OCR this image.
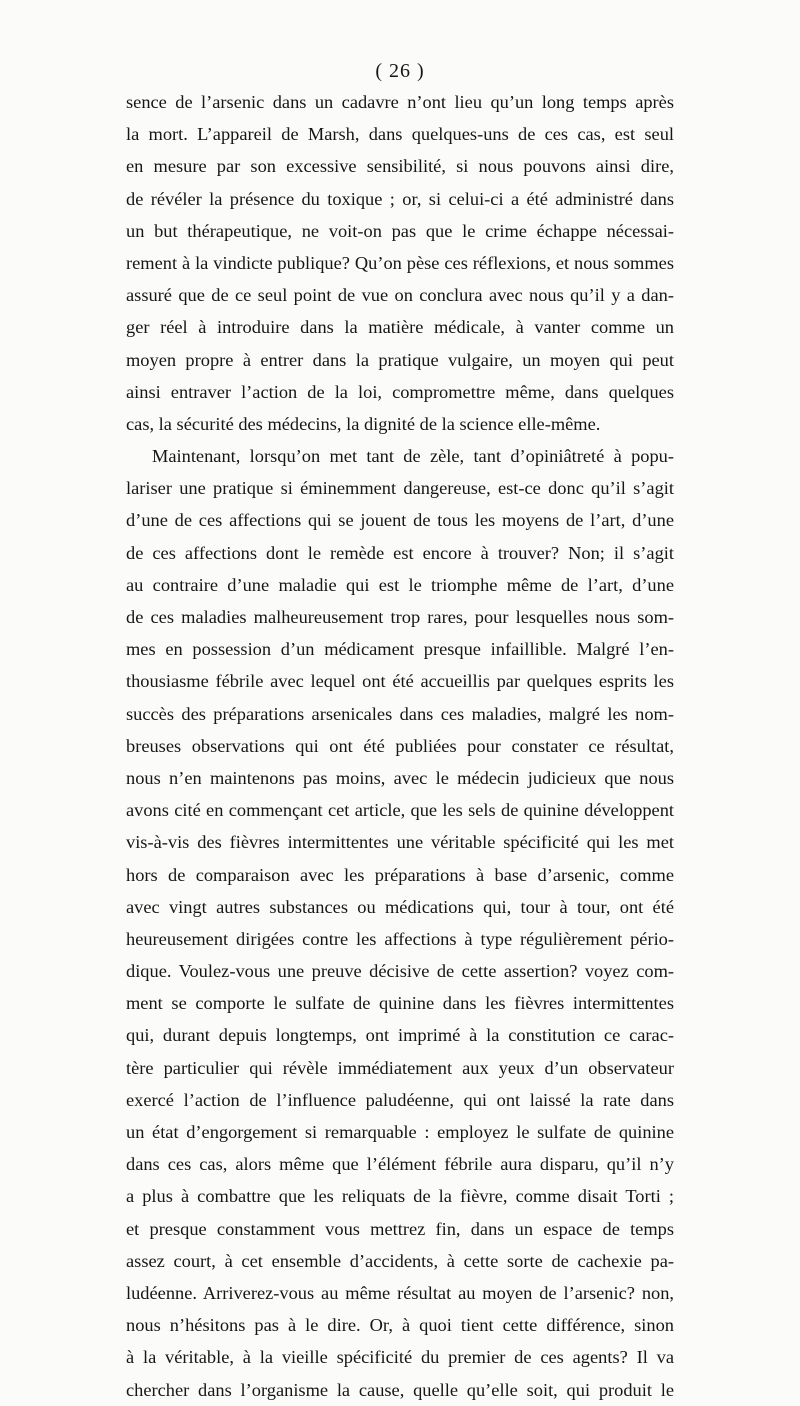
( 26 )
sence de l’arsenic dans un cadavre n’ont lieu qu’un long temps après
la mort. L’appareil de Marsh, dans quelques-uns de ces cas, est seul
en mesure par son excessive sensibilité, si nous pouvons ainsi dire,
de révéler la présence du toxique ; or, si celui-ci a été administré dans
un but thérapeutique, ne voit-on pas que le crime échappe nécessai-
rement à la vindicte publique? Qu’on pèse ces réflexions, et nous sommes
assuré que de ce seul point de vue on conclura avec nous qu’il y a dan-
ger réel à introduire dans la matière médicale, à vanter comme un
moyen propre à entrer dans la pratique vulgaire, un moyen qui peut
ainsi entraver l’action de la loi, compromettre même, dans quelques
cas, la sécurité des médecins, la dignité de la science elle-même.
Maintenant, lorsqu’on met tant de zèle, tant d’opiniâtreté à popu-
lariser une pratique si éminemment dangereuse, est-ce donc qu’il s’agit
d’une de ces affections qui se jouent de tous les moyens de l’art, d’une
de ces affections dont le remède est encore à trouver? Non; il s’agit
au contraire d’une maladie qui est le triomphe même de l’art, d’une
de ces maladies malheureusement trop rares, pour lesquelles nous som-
mes en possession d’un médicament presque infaillible. Malgré l’en-
thousiasme fébrile avec lequel ont été accueillis par quelques esprits les
succès des préparations arsenicales dans ces maladies, malgré les nom-
breuses observations qui ont été publiées pour constater ce résultat,
nous n’en maintenons pas moins, avec le médecin judicieux que nous
avons cité en commençant cet article, que les sels de quinine développent
vis-à-vis des fièvres intermittentes une véritable spécificité qui les met
hors de comparaison avec les préparations à base d’arsenic, comme
avec vingt autres substances ou médications qui, tour à tour, ont été
heureusement dirigées contre les affections à type régulièrement pério-
dique. Voulez-vous une preuve décisive de cette assertion? voyez com-
ment se comporte le sulfate de quinine dans les fièvres intermittentes
qui, durant depuis longtemps, ont imprimé à la constitution ce carac-
tère particulier qui révèle immédiatement aux yeux d’un observateur
exercé l’action de l’influence paludéenne, qui ont laissé la rate dans
un état d’engorgement si remarquable : employez le sulfate de quinine
dans ces cas, alors même que l’élément fébrile aura disparu, qu’il n’y
a plus à combattre que les reliquats de la fièvre, comme disait Torti ;
et presque constamment vous mettrez fin, dans un espace de temps
assez court, à cet ensemble d’accidents, à cette sorte de cachexie pa-
ludéenne. Arriverez-vous au même résultat au moyen de l’arsenic? non,
nous n’hésitons pas à le dire. Or, à quoi tient cette différence, sinon
à la véritable, à la vieille spécificité du premier de ces agents? Il va
chercher dans l’organisme la cause, quelle qu’elle soit, qui produit le
